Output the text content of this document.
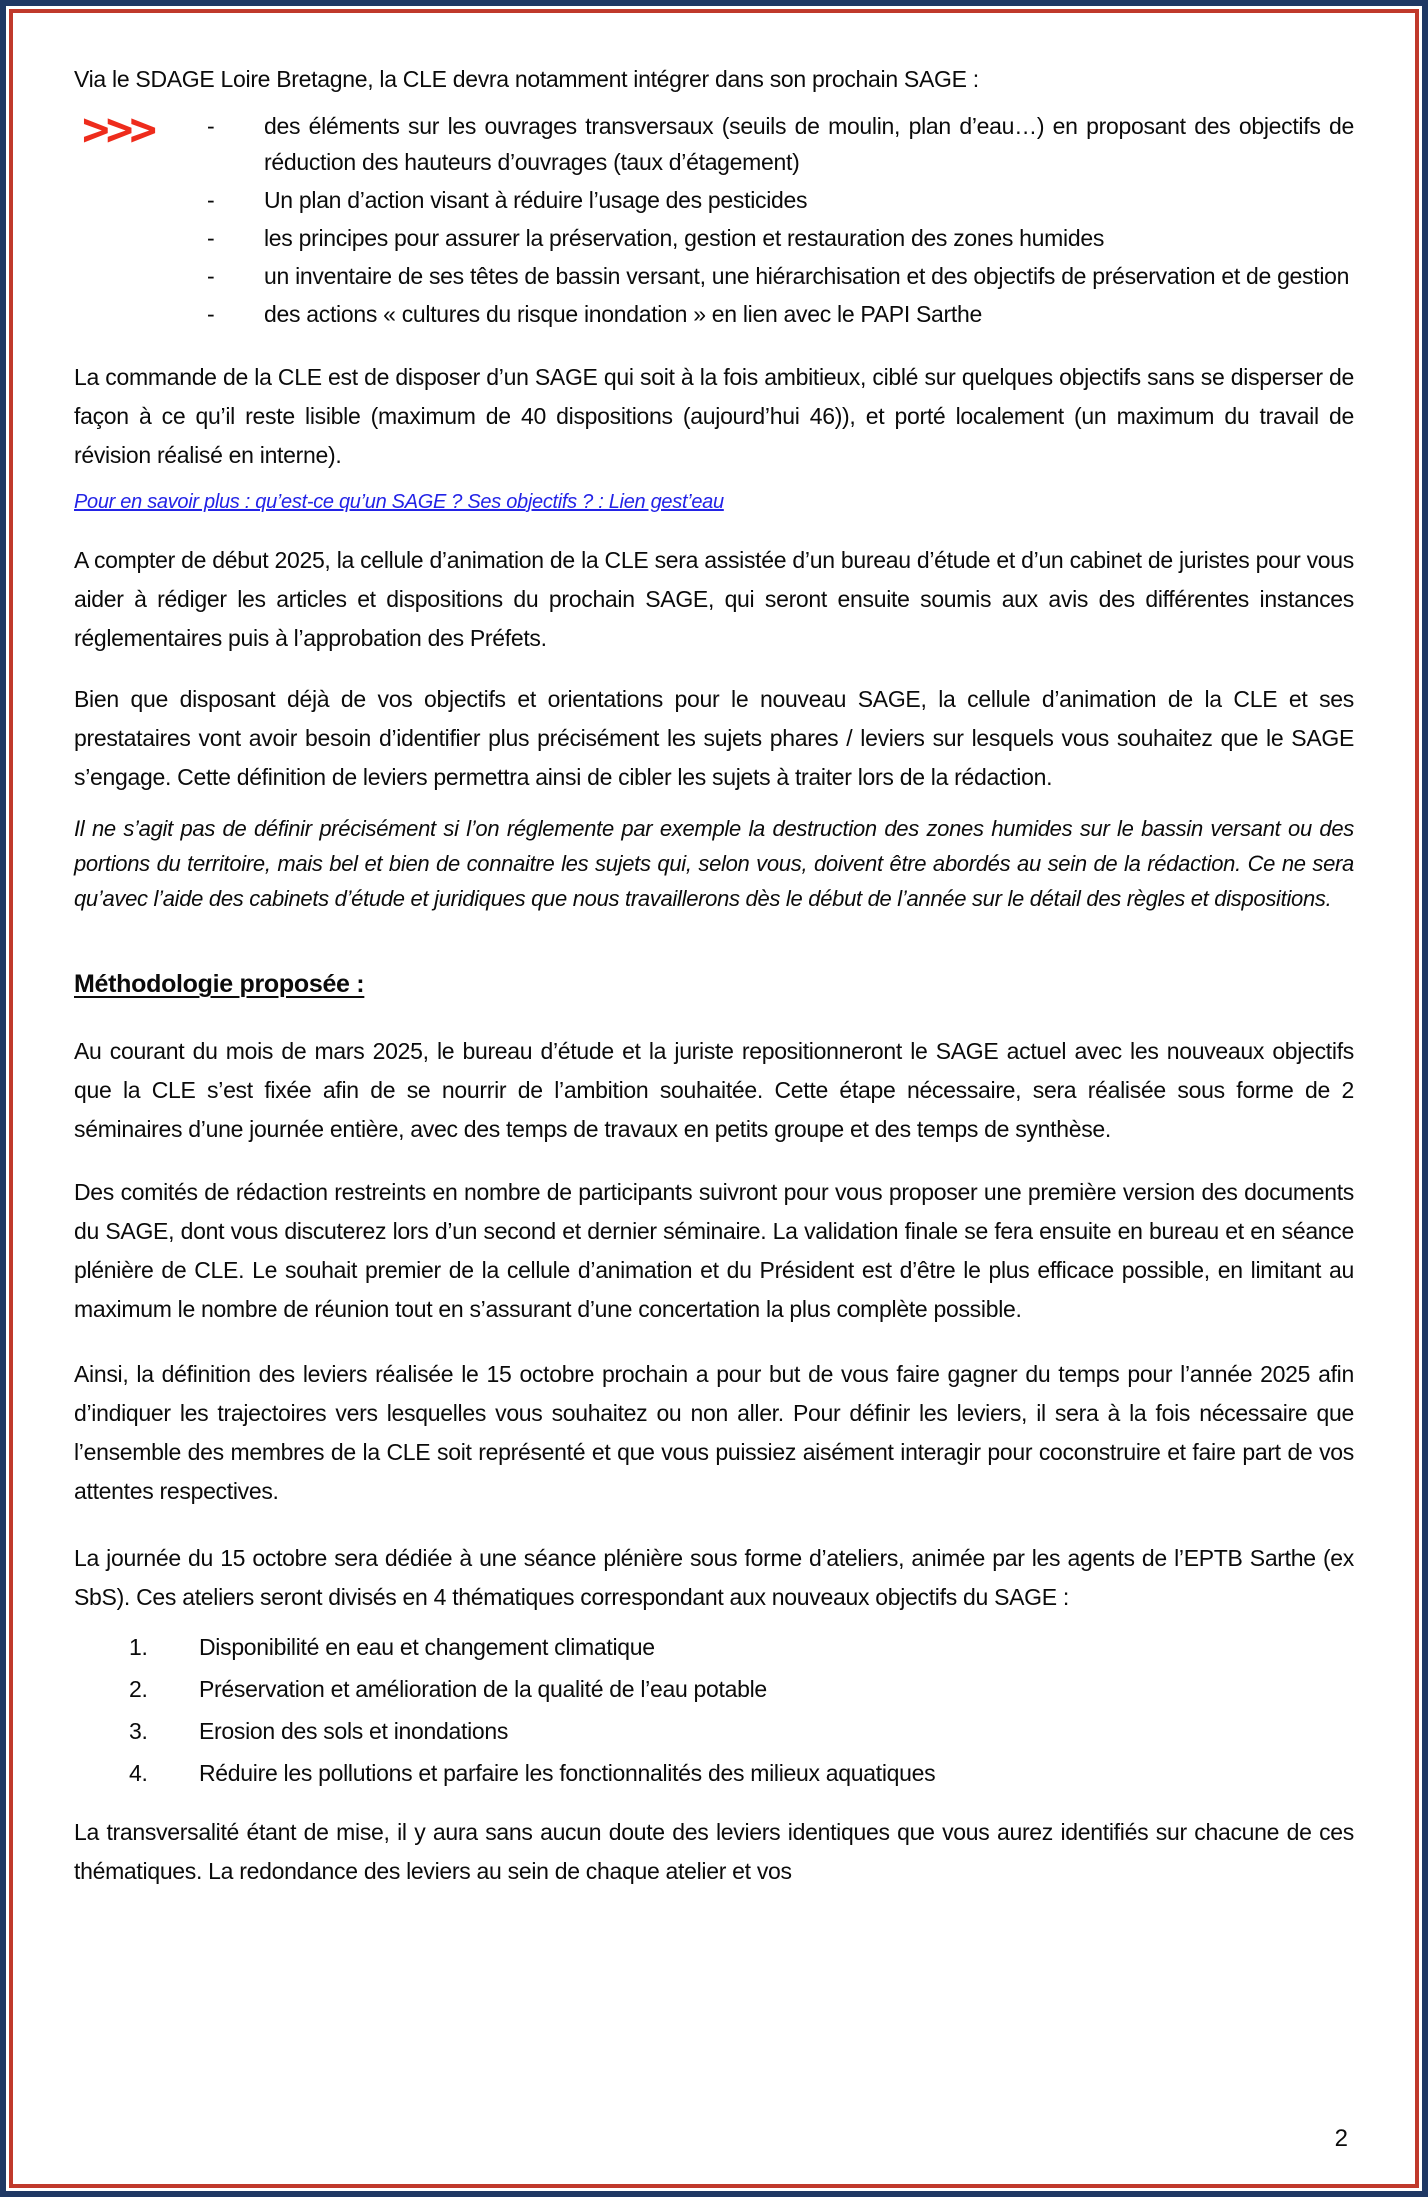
Via le SDAGE Loire Bretagne, la CLE devra notamment intégrer dans son prochain SAGE :

>>> -	des éléments sur les ouvrages transversaux (seuils de moulin, plan d’eau…) en proposant des objectifs de réduction des hauteurs d’ouvrages (taux d’étagement)

-	Un plan d’action visant à réduire l’usage des pesticides

-	les principes pour assurer la préservation, gestion et restauration des zones humides

-	un inventaire de ses têtes de bassin versant, une hiérarchisation et des objectifs de préservation et de gestion

-	des actions « cultures du risque inondation » en lien avec le PAPI Sarthe

La commande de la CLE est de disposer d’un SAGE qui soit à la fois ambitieux, ciblé sur quelques objectifs sans se disperser de façon à ce qu’il reste lisible (maximum de 40 dispositions (aujourd’hui 46)), et porté localement (un maximum du travail de révision réalisé en interne).

Pour en savoir plus : qu’est-ce qu’un SAGE ? Ses objectifs ? : Lien gest’eau

A compter de début 2025, la cellule d’animation de la CLE sera assistée d’un bureau d’étude et d’un cabinet de juristes pour vous aider à rédiger les articles et dispositions du prochain SAGE, qui seront ensuite soumis aux avis des différentes instances réglementaires puis à l’approbation des Préfets.

Bien que disposant déjà de vos objectifs et orientations pour le nouveau SAGE, la cellule d’animation de la CLE et ses prestataires vont avoir besoin d’identifier plus précisément les sujets phares / leviers sur lesquels vous souhaitez que le SAGE s’engage. Cette définition de leviers permettra ainsi de cibler les sujets à traiter lors de la rédaction.

Il ne s’agit pas de définir précisément si l’on réglemente par exemple la destruction des zones humides sur le bassin versant ou des portions du territoire, mais bel et bien de connaitre les sujets qui, selon vous, doivent être abordés au sein de la rédaction. Ce ne sera qu’avec l’aide des cabinets d’étude et juridiques que nous travaillerons dès le début de l’année sur le détail des règles et dispositions.

Méthodologie proposée :

Au courant du mois de mars 2025, le bureau d’étude et la juriste repositionneront le SAGE actuel avec les nouveaux objectifs que la CLE s’est fixée afin de se nourrir de l’ambition souhaitée. Cette étape nécessaire, sera réalisée sous forme de 2 séminaires d’une journée entière, avec des temps de travaux en petits groupe et des temps de synthèse.

Des comités de rédaction restreints en nombre de participants suivront pour vous proposer une première version des documents du SAGE, dont vous discuterez lors d’un second et dernier séminaire. La validation finale se fera ensuite en bureau et en séance plénière de CLE. Le souhait premier de la cellule d’animation et du Président est d’être le plus efficace possible, en limitant au maximum le nombre de réunion tout en s’assurant d’une concertation la plus complète possible.

Ainsi, la définition des leviers réalisée le 15 octobre prochain a pour but de vous faire gagner du temps pour l’année 2025 afin d’indiquer les trajectoires vers lesquelles vous souhaitez ou non aller. Pour définir les leviers, il sera à la fois nécessaire que l’ensemble des membres de la CLE soit représenté et que vous puissiez aisément interagir pour coconstruire et faire part de vos attentes respectives.

La journée du 15 octobre sera dédiée à une séance plénière sous forme d’ateliers, animée par les agents de l’EPTB Sarthe (ex SbS). Ces ateliers seront divisés en 4 thématiques correspondant aux nouveaux objectifs du SAGE :

1.	Disponibilité en eau et changement climatique

2.	Préservation et amélioration de la qualité de l’eau potable

3.	Erosion des sols et inondations

4.	Réduire les pollutions et parfaire les fonctionnalités des milieux aquatiques

La transversalité étant de mise, il y aura sans aucun doute des leviers identiques que vous aurez identifiés sur chacune de ces thématiques. La redondance des leviers au sein de chaque atelier et vos

2
